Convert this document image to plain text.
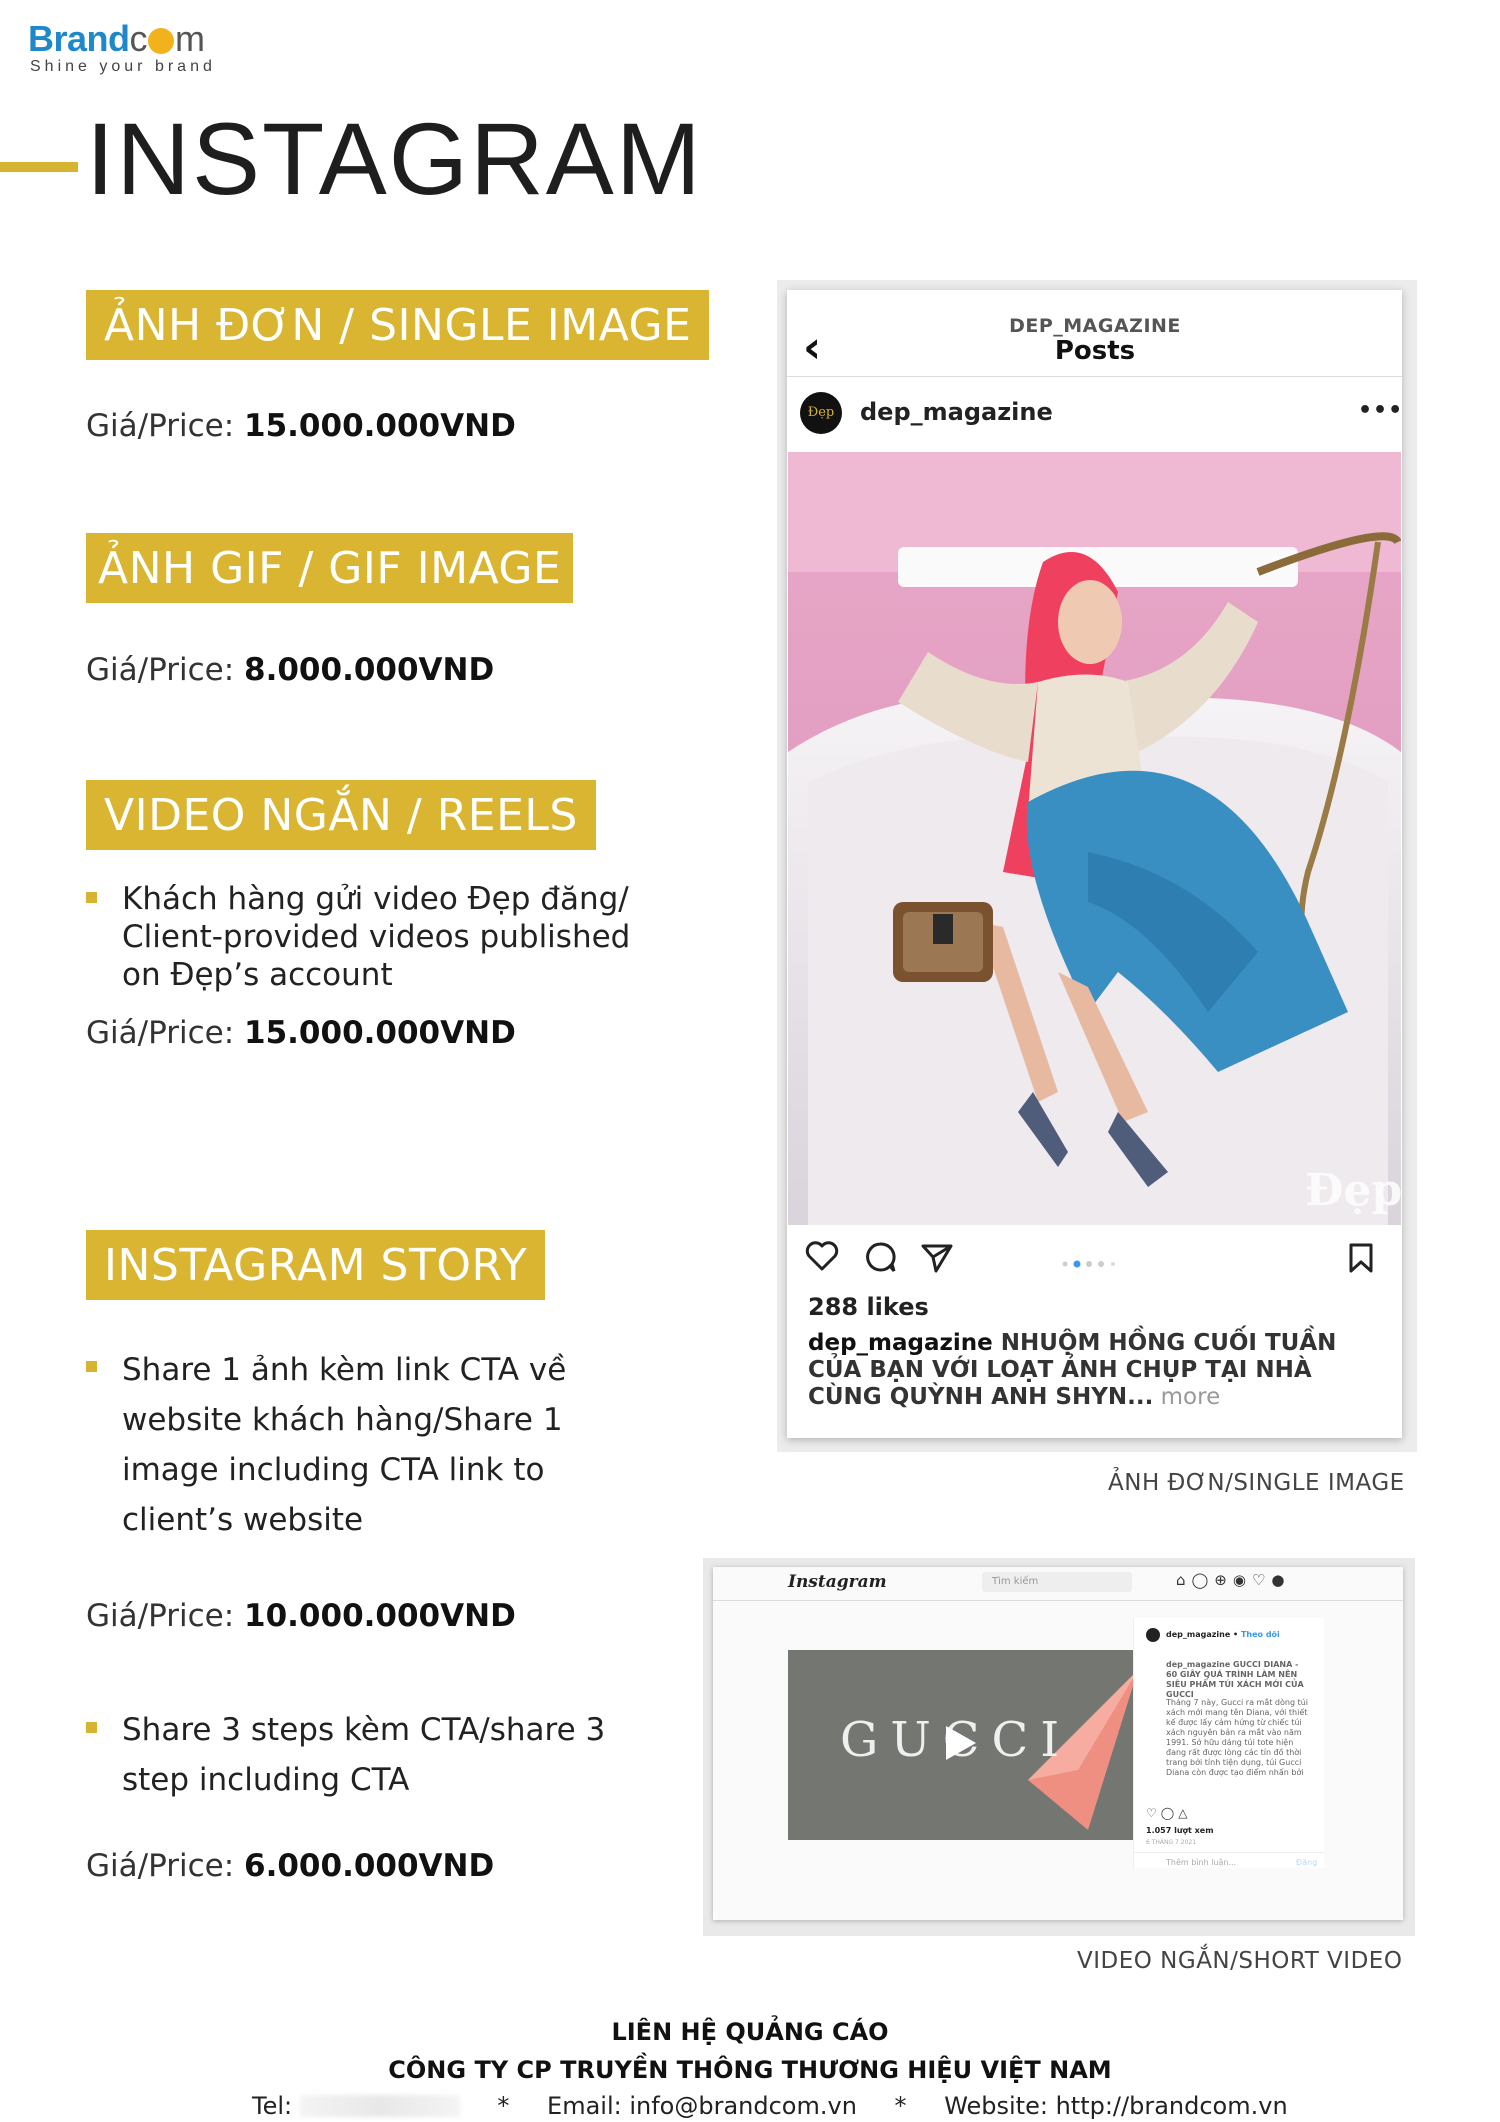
Brandc m
Shine your brand
INSTAGRAM
ẢNH ĐƠN / SINGLE IMAGE
Giá/Price: 15.000.000VND
ẢNH GIF / GIF IMAGE
Giá/Price: 8.000.000VND
VIDEO NGẮN / REELS
Khách hàng gửi video Đẹp đăng/
Client-provided videos published
on Đẹp’s account
Giá/Price: 15.000.000VND
INSTAGRAM STORY
Share 1 ảnh kèm link CTA về
website khách hàng/Share 1
image including CTA link to
client’s website
Giá/Price: 10.000.000VND
Share 3 steps kèm CTA/share 3
step including CTA
Giá/Price: 6.000.000VND
‹	DEP_MAGAZINE
Posts
Đẹp	dep_magazine	•••
Đẹp
288 likes
dep_magazine NHUỘM HỒNG CUỐI TUẦN CỦA BẠN VỚI LOẠT ẢNH CHỤP TẠI NHÀ CÙNG QUỲNH ANH SHYN... more
ẢNH ĐƠN/SINGLE IMAGE
Instagram	Tìm kiếm	⌂◯⊕◉♡●
GUCCI
dep_magazine • Theo dõi
dep_magazine GUCCI DIANA - 60 GIÂY QUÁ TRÌNH LÀM NÊN SIÊU PHẨM TÚI XÁCH MỚI CỦA GUCCI
Tháng 7 này, Gucci ra mắt dòng túi xách mới mang tên Diana, với thiết kế được lấy cảm hứng từ chiếc túi xách nguyên bản ra mắt vào năm 1991. Sở hữu dáng túi tote hiện đang rất được lòng các tín đồ thời trang bởi tính tiện dụng, túi Gucci Diana còn được tạo điểm nhấn bởi
♡◯△
1.057 lượt xem
6 THÁNG 7 2021
Thêm bình luận...	Đăng
VIDEO NGẮN/SHORT VIDEO
LIÊN HỆ QUẢNG CÁO
CÔNG TY CP TRUYỀN THÔNG THƯƠNG HIỆU VIỆT NAM
Tel:	* Email: info@brandcom.vn * Website: http://brandcom.vn
